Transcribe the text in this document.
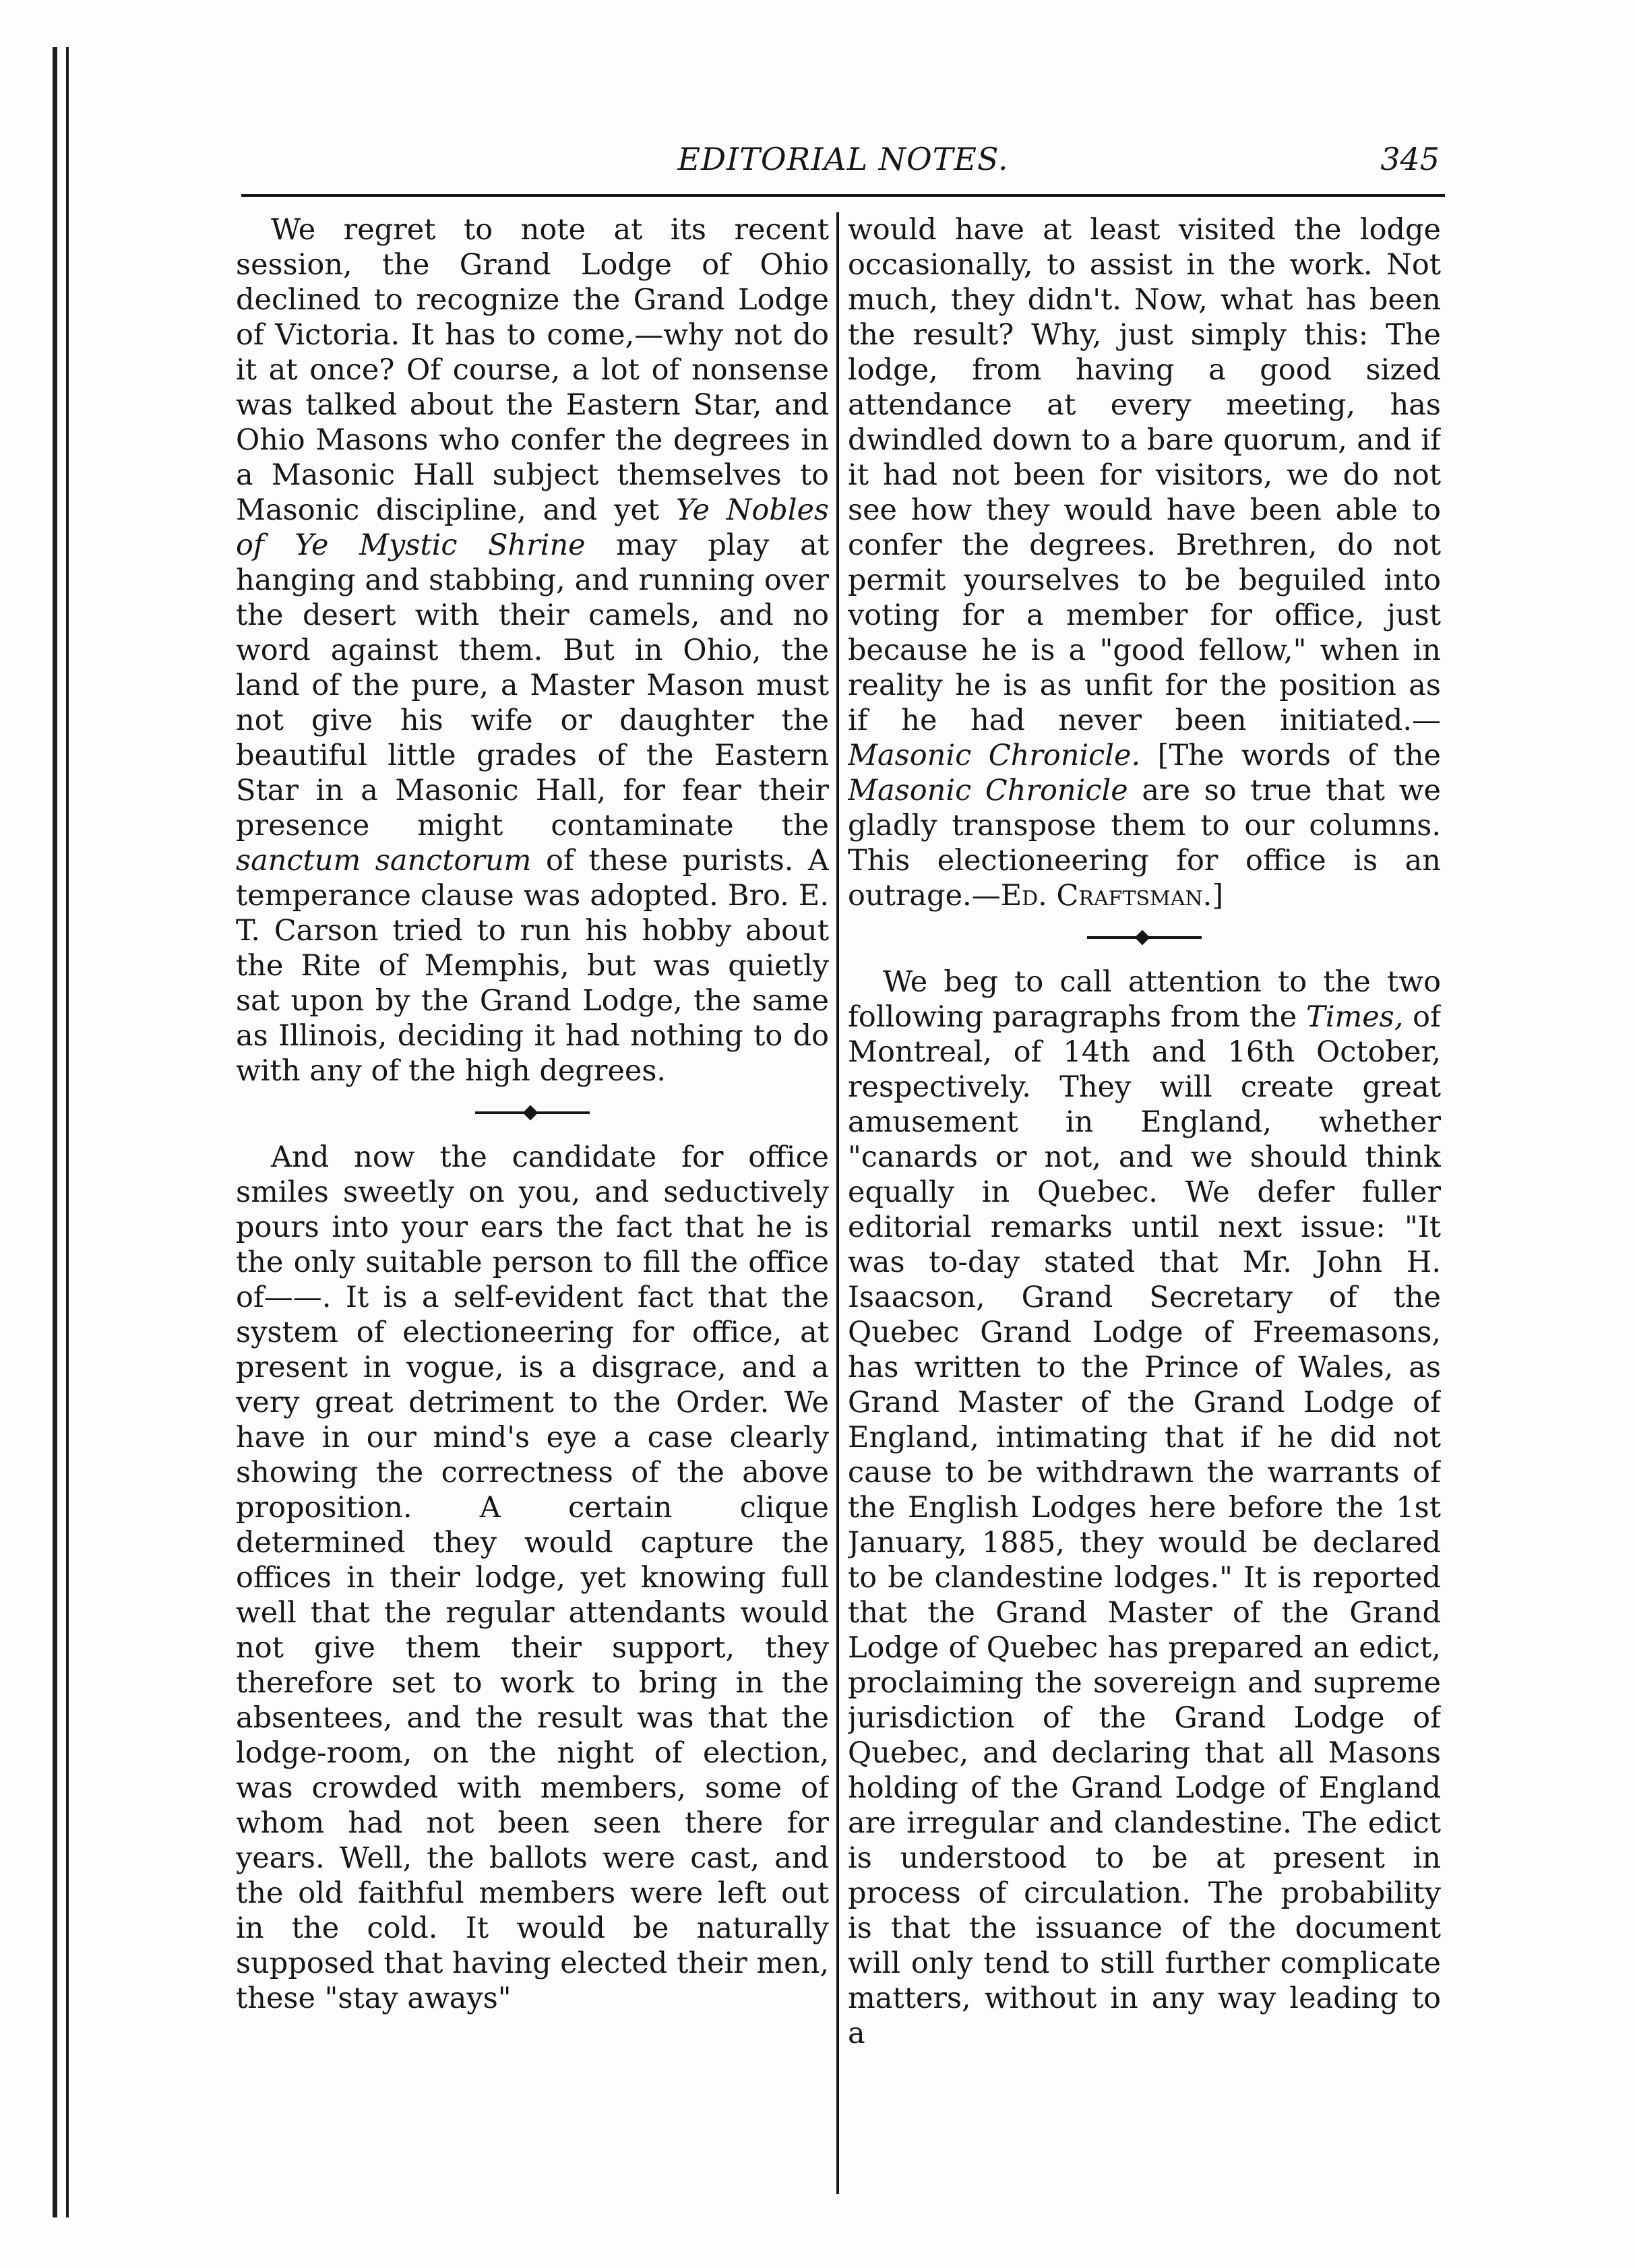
EDITORIAL NOTES.	345

We regret to note at its recent session, the Grand Lodge of Ohio declined to recognize the Grand Lodge of Victoria. It has to come,—why not do it at once? Of course, a lot of nonsense was talked about the Eastern Star, and Ohio Masons who confer the degrees in a Masonic Hall subject themselves to Masonic discipline, and yet Ye Nobles of Ye Mystic Shrine may play at hanging and stabbing, and running over the desert with their camels, and no word against them. But in Ohio, the land of the pure, a Master Mason must not give his wife or daughter the beautiful little grades of the Eastern Star in a Masonic Hall, for fear their presence might contaminate the sanctum sanctorum of these purists. A temperance clause was adopted. Bro. E. T. Carson tried to run his hobby about the Rite of Memphis, but was quietly sat upon by the Grand Lodge, the same as Illinois, deciding it had nothing to do with any of the high degrees.

And now the candidate for office smiles sweetly on you, and seductively pours into your ears the fact that he is the only suitable person to fill the office of——. It is a self-evident fact that the system of electioneering for office, at present in vogue, is a disgrace, and a very great detriment to the Order. We have in our mind's eye a case clearly showing the correctness of the above proposition. A certain clique determined they would capture the offices in their lodge, yet knowing full well that the regular attendants would not give them their support, they therefore set to work to bring in the absentees, and the result was that the lodge-room, on the night of election, was crowded with members, some of whom had not been seen there for years. Well, the ballots were cast, and the old faithful members were left out in the cold. It would be naturally supposed that having elected their men, these "stay aways"

would have at least visited the lodge occasionally, to assist in the work. Not much, they didn't. Now, what has been the result? Why, just simply this: The lodge, from having a good sized attendance at every meeting, has dwindled down to a bare quorum, and if it had not been for visitors, we do not see how they would have been able to confer the degrees. Brethren, do not permit yourselves to be beguiled into voting for a member for office, just because he is a "good fellow," when in reality he is as unfit for the position as if he had never been initiated.—Masonic Chronicle. [The words of the Masonic Chronicle are so true that we gladly transpose them to our columns. This electioneering for office is an outrage.—Ed. Craftsman.]

We beg to call attention to the two following paragraphs from the Times, of Montreal, of 14th and 16th October, respectively. They will create great amusement in England, whether "canards or not, and we should think equally in Quebec. We defer fuller editorial remarks until next issue: "It was to-day stated that Mr. John H. Isaacson, Grand Secretary of the Quebec Grand Lodge of Freemasons, has written to the Prince of Wales, as Grand Master of the Grand Lodge of England, intimating that if he did not cause to be withdrawn the warrants of the English Lodges here before the 1st January, 1885, they would be declared to be clandestine lodges." It is reported that the Grand Master of the Grand Lodge of Quebec has prepared an edict, proclaiming the sovereign and supreme jurisdiction of the Grand Lodge of Quebec, and declaring that all Masons holding of the Grand Lodge of England are irregular and clandestine. The edict is understood to be at present in process of circulation. The probability is that the issuance of the document will only tend to still further complicate matters, without in any way leading to a
